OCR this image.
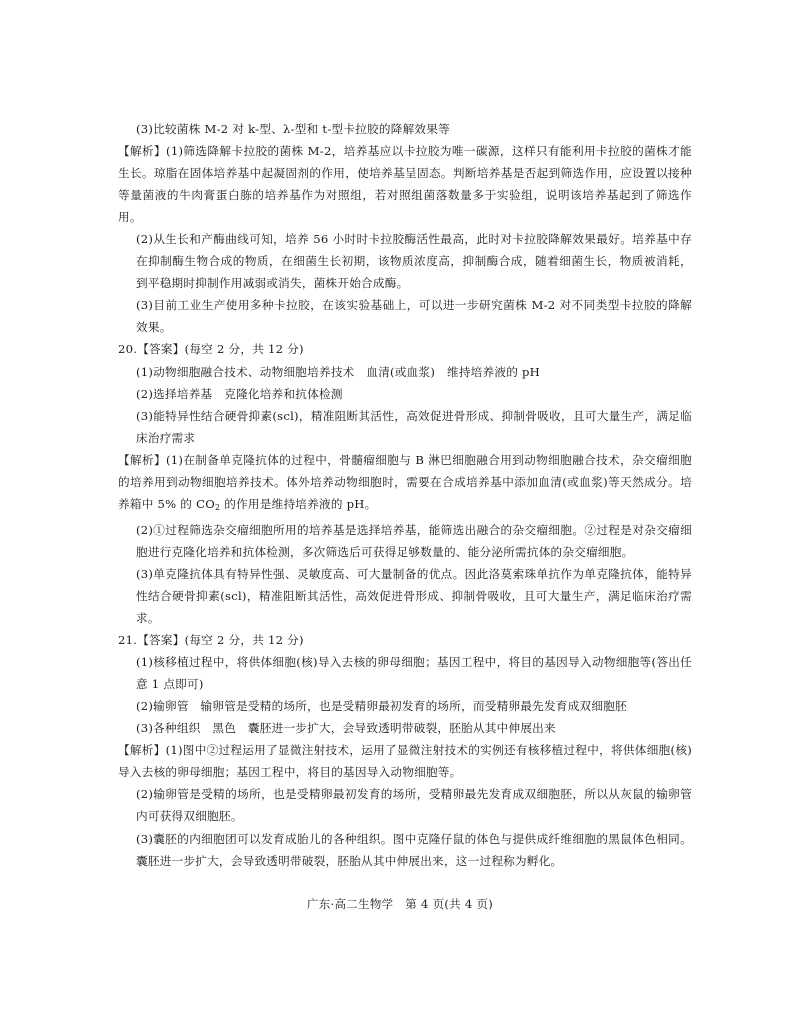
(3)比较菌株 M-2 对 k-型、λ-型和 t-型卡拉胶的降解效果等

【解析】(1)筛选降解卡拉胶的菌株 M-2，培养基应以卡拉胶为唯一碳源，这样只有能利用卡拉胶的菌株才能生长。琼脂在固体培养基中起凝固剂的作用，使培养基呈固态。判断培养基是否起到筛选作用，应设置以接种等量菌液的牛肉膏蛋白胨的培养基作为对照组，若对照组菌落数量多于实验组，说明该培养基起到了筛选作用。

(2)从生长和产酶曲线可知，培养 56 小时时卡拉胶酶活性最高，此时对卡拉胶降解效果最好。培养基中存在抑制酶生物合成的物质，在细菌生长初期，该物质浓度高，抑制酶合成，随着细菌生长，物质被消耗，到平稳期时抑制作用减弱或消失，菌株开始合成酶。

(3)目前工业生产使用多种卡拉胶，在该实验基础上，可以进一步研究菌株 M-2 对不同类型卡拉胶的降解效果。

20.【答案】(每空 2 分，共 12 分)

(1)动物细胞融合技术、动物细胞培养技术　血清(或血浆)　维持培养液的 pH

(2)选择培养基　克隆化培养和抗体检测

(3)能特异性结合硬骨抑素(scl)，精准阻断其活性，高效促进骨形成、抑制骨吸收，且可大量生产，满足临床治疗需求

【解析】(1)在制备单克隆抗体的过程中，骨髓瘤细胞与 B 淋巴细胞融合用到动物细胞融合技术，杂交瘤细胞的培养用到动物细胞培养技术。体外培养动物细胞时，需要在合成培养基中添加血清(或血浆)等天然成分。培养箱中 5% 的 $CO_2$ 的作用是维持培养液的 pH。

(2)①过程筛选杂交瘤细胞所用的培养基是选择培养基，能筛选出融合的杂交瘤细胞。②过程是对杂交瘤细胞进行克隆化培养和抗体检测，多次筛选后可获得足够数量的、能分泌所需抗体的杂交瘤细胞。

(3)单克隆抗体具有特异性强、灵敏度高、可大量制备的优点。因此洛莫索珠单抗作为单克隆抗体，能特异性结合硬骨抑素(scl)，精准阻断其活性，高效促进骨形成、抑制骨吸收，且可大量生产，满足临床治疗需求。

21.【答案】(每空 2 分，共 12 分)

(1)核移植过程中，将供体细胞(核)导入去核的卵母细胞；基因工程中，将目的基因导入动物细胞等(答出任意 1 点即可)

(2)输卵管　输卵管是受精的场所，也是受精卵最初发育的场所，而受精卵最先发育成双细胞胚

(3)各种组织　黑色　囊胚进一步扩大，会导致透明带破裂，胚胎从其中伸展出来

【解析】(1)图中②过程运用了显微注射技术，运用了显微注射技术的实例还有核移植过程中，将供体细胞(核)导入去核的卵母细胞；基因工程中，将目的基因导入动物细胞等。

(2)输卵管是受精的场所，也是受精卵最初发育的场所，受精卵最先发育成双细胞胚，所以从灰鼠的输卵管内可获得双细胞胚。

(3)囊胚的内细胞团可以发育成胎儿的各种组织。图中克隆仔鼠的体色与提供成纤维细胞的黑鼠体色相同。囊胚进一步扩大，会导致透明带破裂，胚胎从其中伸展出来，这一过程称为孵化。

广东·高二生物学　第 4 页(共 4 页)
